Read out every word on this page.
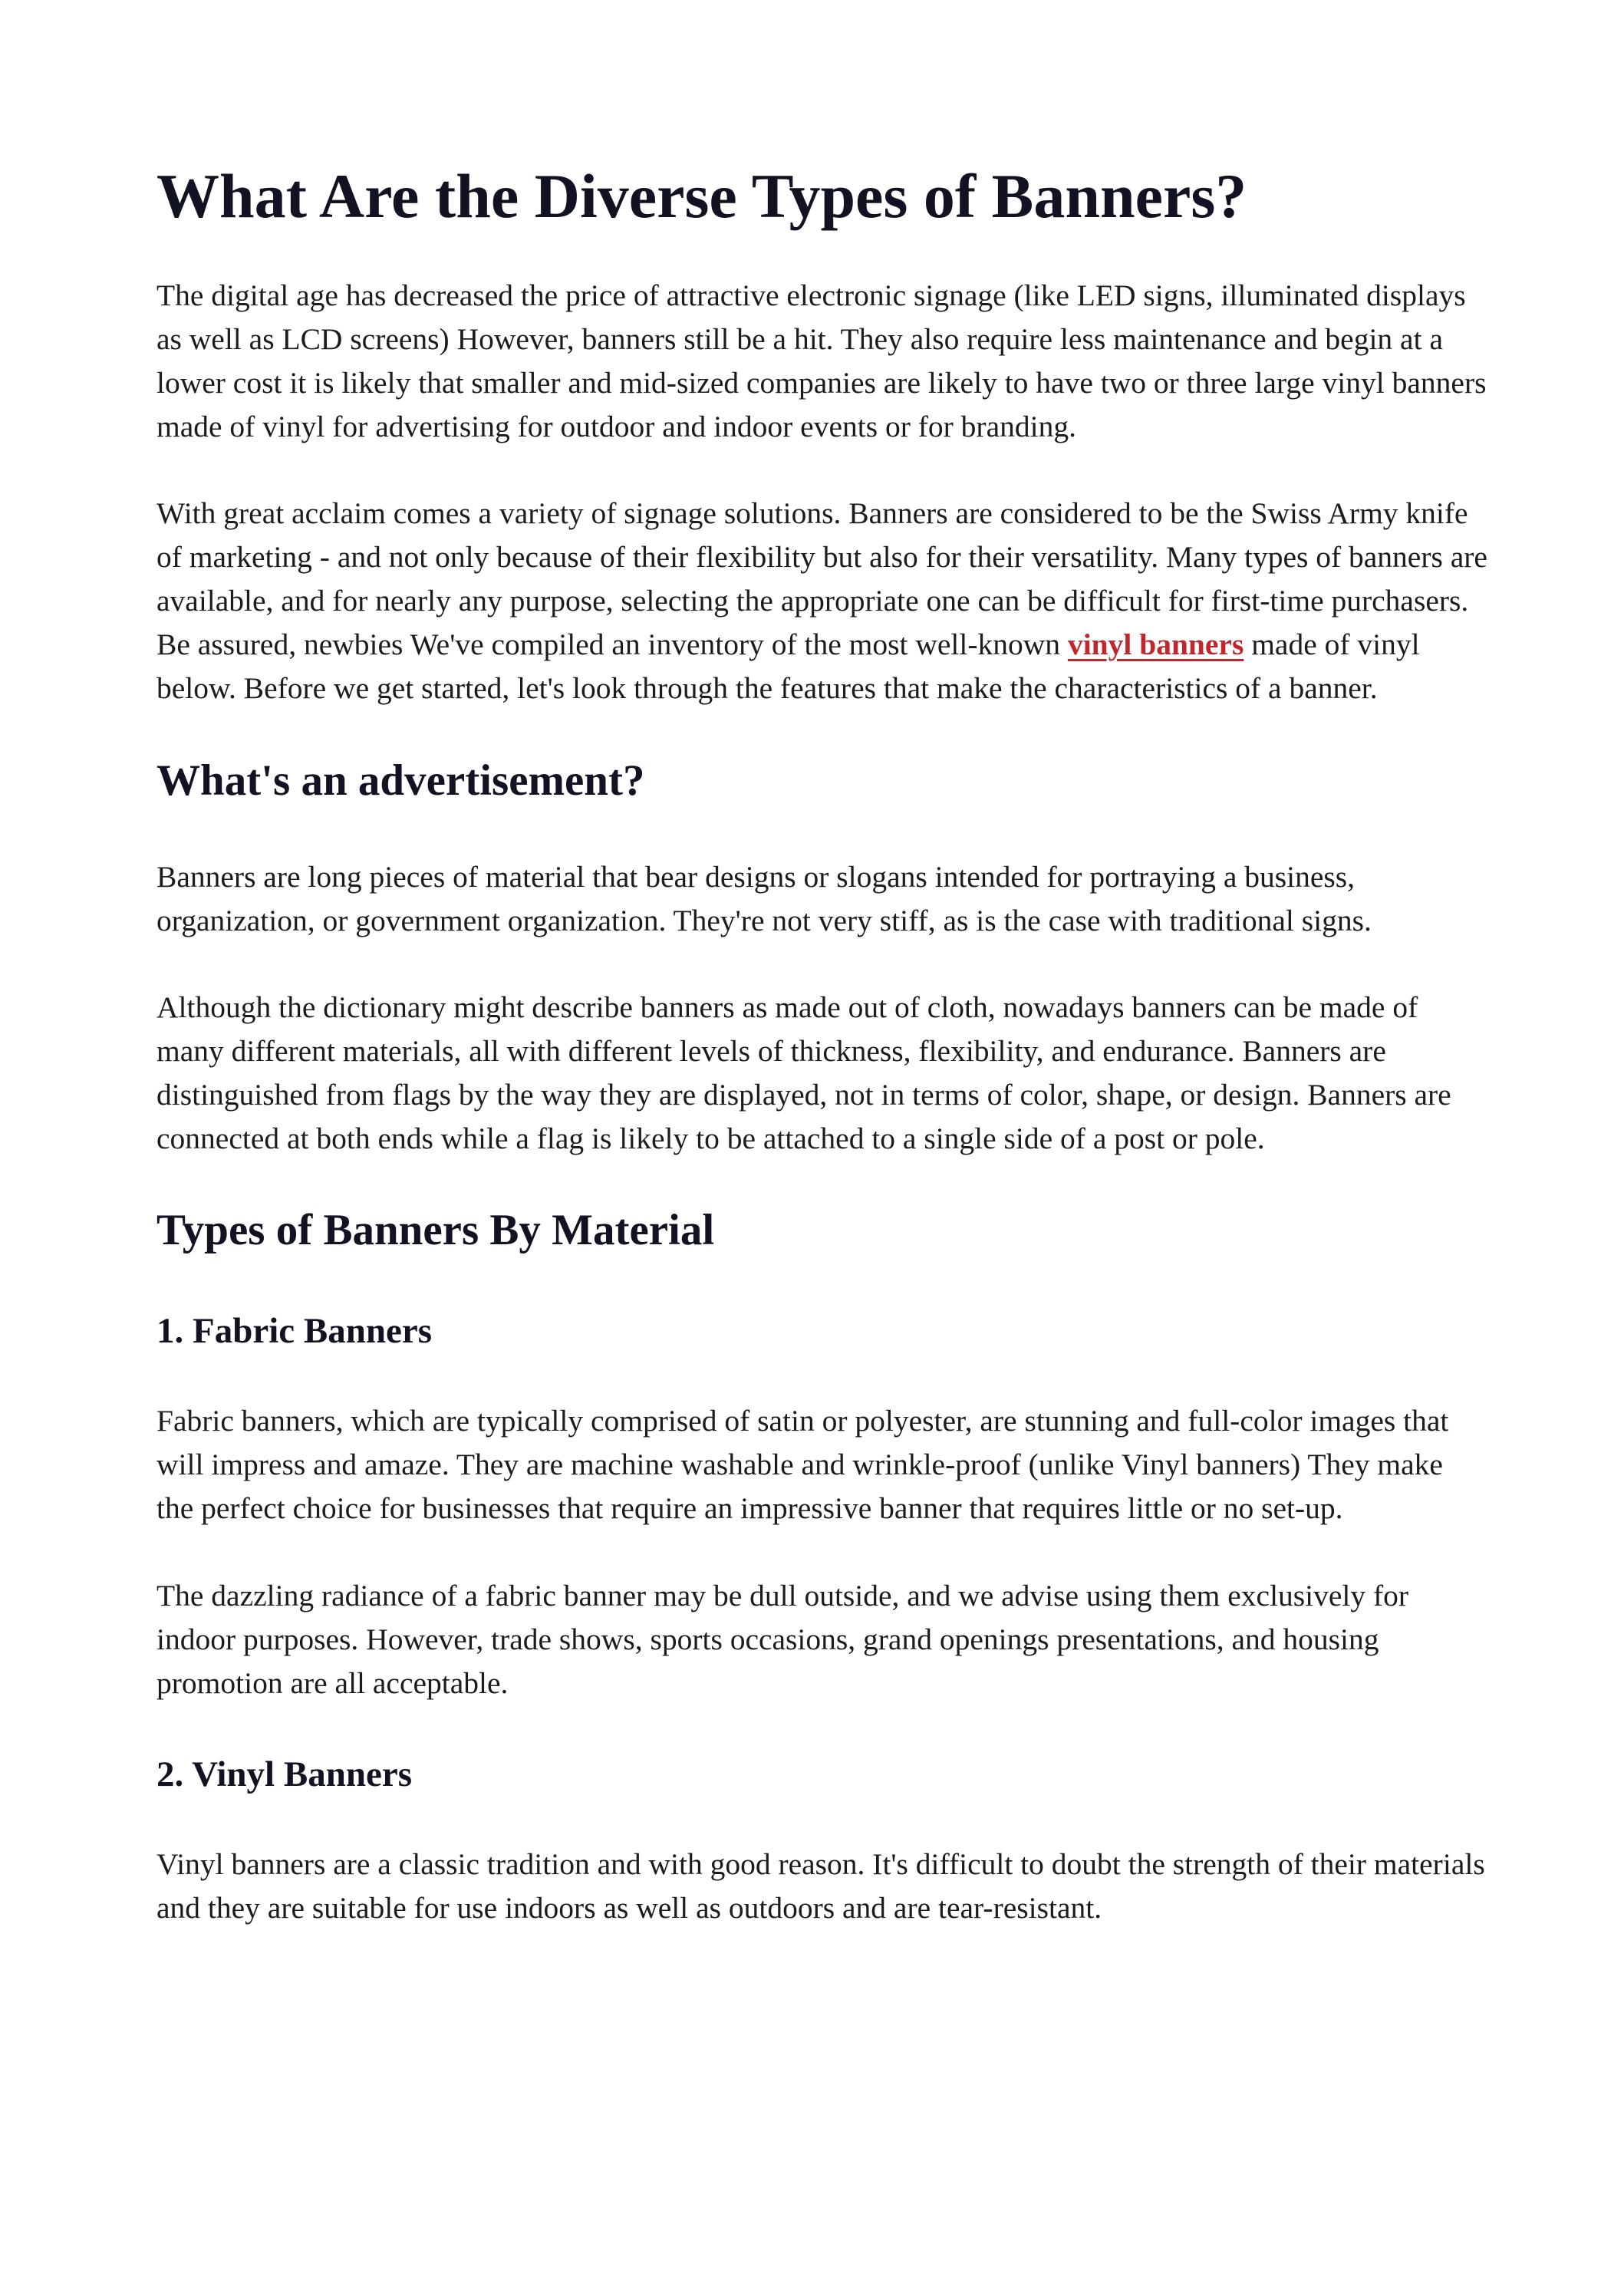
What Are the Diverse Types of Banners?

The digital age has decreased the price of attractive electronic signage (like LED signs, illuminated displays as well as LCD screens) However, banners still be a hit. They also require less maintenance and begin at a lower cost it is likely that smaller and mid-sized companies are likely to have two or three large vinyl banners made of vinyl for advertising for outdoor and indoor events or for branding.

With great acclaim comes a variety of signage solutions. Banners are considered to be the Swiss Army knife of marketing - and not only because of their flexibility but also for their versatility. Many types of banners are available, and for nearly any purpose, selecting the appropriate one can be difficult for first-time purchasers. Be assured, newbies We've compiled an inventory of the most well-known vinyl banners made of vinyl below. Before we get started, let's look through the features that make the characteristics of a banner.

What's an advertisement?

Banners are long pieces of material that bear designs or slogans intended for portraying a business, organization, or government organization. They're not very stiff, as is the case with traditional signs.

Although the dictionary might describe banners as made out of cloth, nowadays banners can be made of many different materials, all with different levels of thickness, flexibility, and endurance. Banners are distinguished from flags by the way they are displayed, not in terms of color, shape, or design. Banners are connected at both ends while a flag is likely to be attached to a single side of a post or pole.

Types of Banners By Material
1. Fabric Banners

Fabric banners, which are typically comprised of satin or polyester, are stunning and full-color images that will impress and amaze. They are machine washable and wrinkle-proof (unlike Vinyl banners) They make the perfect choice for businesses that require an impressive banner that requires little or no set-up.

The dazzling radiance of a fabric banner may be dull outside, and we advise using them exclusively for indoor purposes. However, trade shows, sports occasions, grand openings presentations, and housing promotion are all acceptable.

2. Vinyl Banners

Vinyl banners are a classic tradition and with good reason. It's difficult to doubt the strength of their materials and they are suitable for use indoors as well as outdoors and are tear-resistant.
